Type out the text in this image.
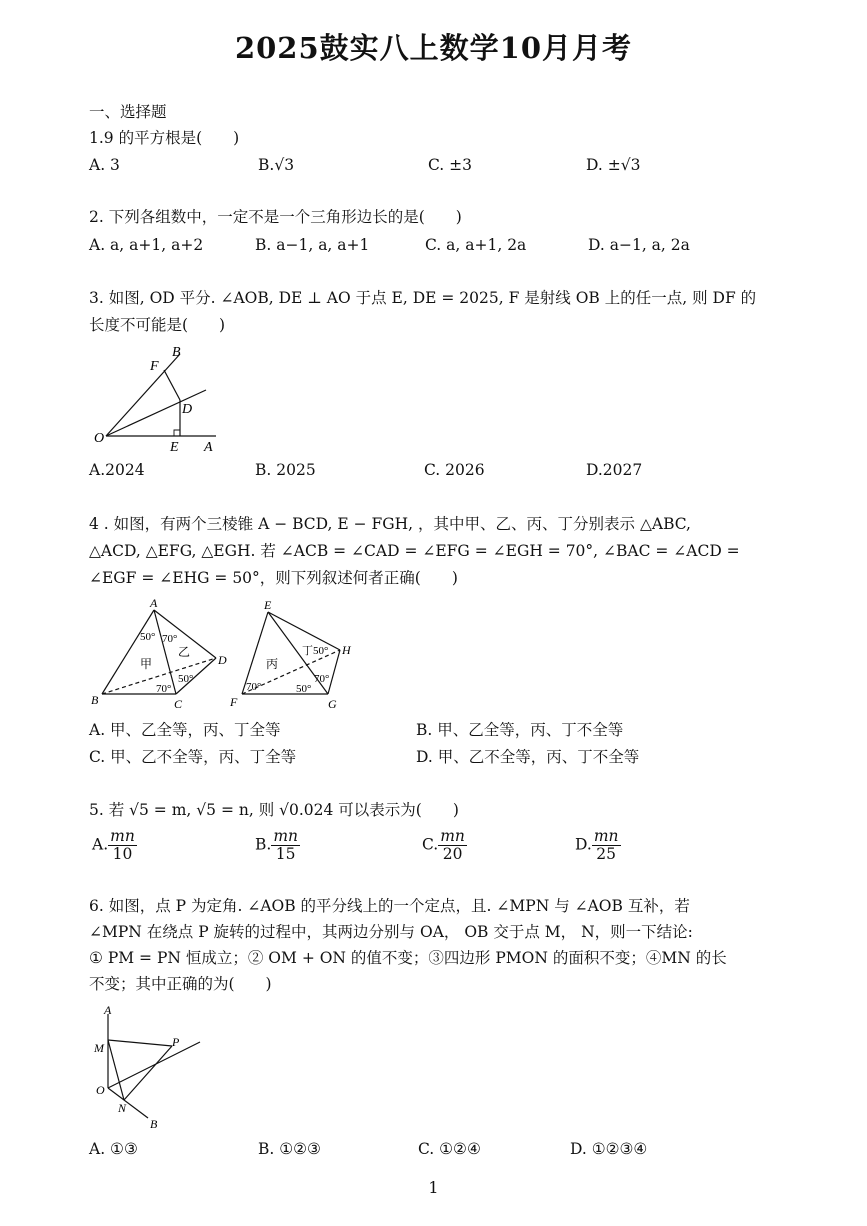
2025鼓实八上数学10月月考
一、选择题
1.9 的平方根是(　　)
A. 3	B.√3	C. ±3	D. ±√3
2. 下列各组数中，一定不是一个三角形边长的是(　　)
A. a, a+1, a+2	B. a−1, a, a+1	C. a, a+1, 2a	D. a−1, a, 2a
3. 如图, OD 平分. ∠AOB, DE ⊥ AO 于点 E, DE = 2025, F 是射线 OB 上的任一点, 则 DF 的
长度不可能是(　　)
B
F
D
O
E A
A.2024	B. 2025	C. 2026	D.2027
4 . 如图，有两个三棱锥 A − BCD, E − FGH, ，其中甲、乙、丙、丁分别表示 △ABC,
△ACD, △EFG, △EGH. 若 ∠ACB = ∠CAD = ∠EFG = ∠EGH = 70°, ∠BAC = ∠ACD =
∠EGF = ∠EHG = 50°，则下列叙述何者正确(　　)
A
B	C
D
50° 70°
甲
乙
50°
70°
E
F	G
H
丙
丁 50°
70°	50°
70°
A. 甲、乙全等，丙、丁全等	B. 甲、乙全等，丙、丁不全等
C. 甲、乙不全等，丙、丁全等	D. 甲、乙不全等，丙、丁不全等
5. 若 √5 = m, √5 = n, 则 √0.024 可以表示为(　　)
A. $\frac{mn}{10}$	B. $\frac{mn}{15}$	C. $\frac{mn}{20}$	D. $\frac{mn}{25}$
6. 如图，点 P 为定角. ∠AOB 的平分线上的一个定点，且. ∠MPN 与 ∠AOB 互补，若
∠MPN 在绕点 P 旋转的过程中，其两边分别与 OA， OB 交于点 M， N，则一下结论:
① PM = PN 恒成立；② OM + ON 的值不变；③四边形 PMON 的面积不变；④MN 的长
不变；其中正确的为(　　)
A
M	P
O
N
B
A. ①③	B. ①②③	C. ①②④	D. ①②③④
1
